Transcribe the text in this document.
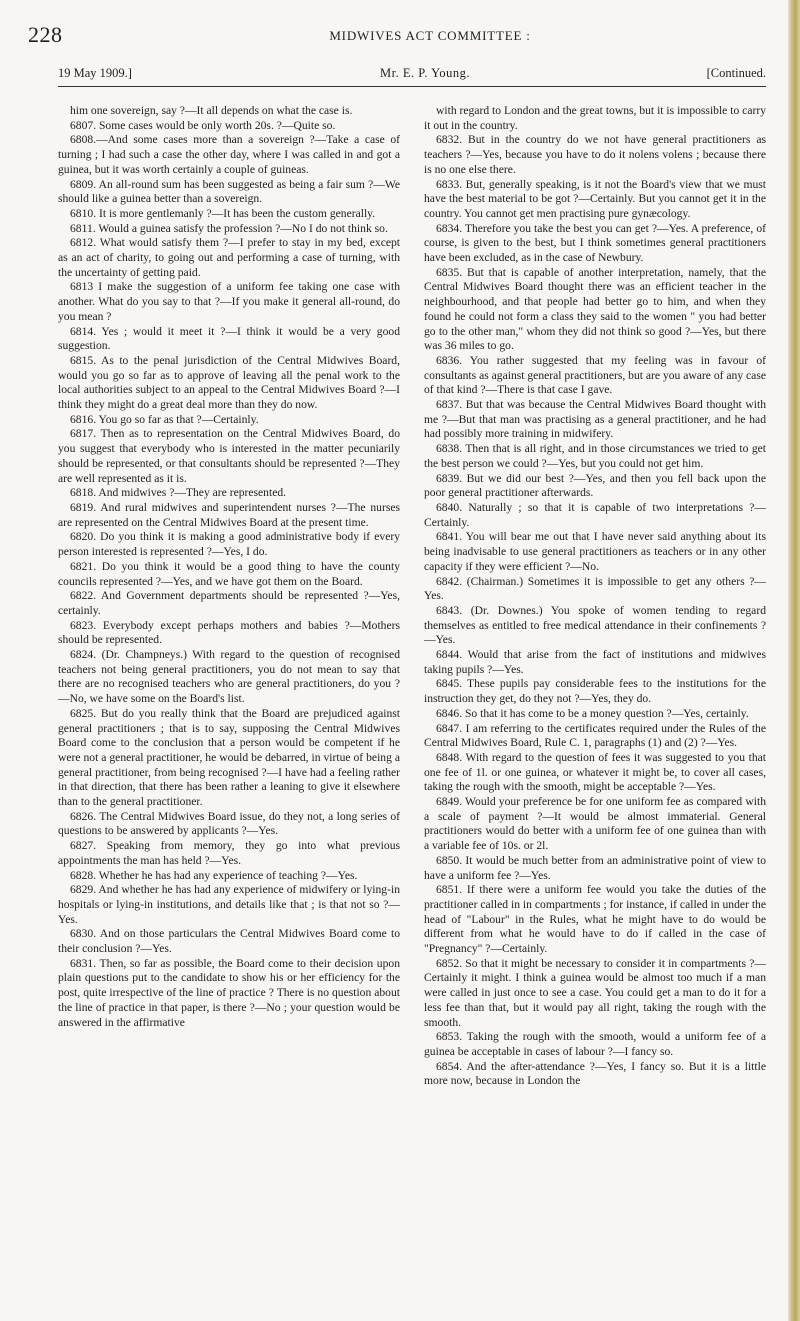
228	MIDWIVES ACT COMMITTEE :
19 May 1909.]	Mr. E. P. Young.	[Continued.

him one sovereign, say ?—It all depends on what the case is.

6807. Some cases would be only worth 20s. ?—Quite so.

6808.—And some cases more than a sovereign ?—Take a case of turning ; I had such a case the other day, where I was called in and got a guinea, but it was worth certainly a couple of guineas.

6809. An all-round sum has been suggested as being a fair sum ?—We should like a guinea better than a sovereign.

6810. It is more gentlemanly ?—It has been the custom generally.

6811. Would a guinea satisfy the profession ?—No I do not think so.

6812. What would satisfy them ?—I prefer to stay in my bed, except as an act of charity, to going out and performing a case of turning, with the uncertainty of getting paid.

6813 I make the suggestion of a uniform fee taking one case with another. What do you say to that ?—If you make it general all-round, do you mean ?

6814. Yes ; would it meet it ?—I think it would be a very good suggestion.

6815. As to the penal jurisdiction of the Central Midwives Board, would you go so far as to approve of leaving all the penal work to the local authorities subject to an appeal to the Central Midwives Board ?—I think they might do a great deal more than they do now.

6816. You go so far as that ?—Certainly.

6817. Then as to representation on the Central Midwives Board, do you suggest that everybody who is interested in the matter pecuniarily should be represented, or that consultants should be represented ?—They are well represented as it is.

6818. And midwives ?—They are represented.

6819. And rural midwives and superintendent nurses ?—The nurses are represented on the Central Midwives Board at the present time.

6820. Do you think it is making a good administrative body if every person interested is represented ?—Yes, I do.

6821. Do you think it would be a good thing to have the county councils represented ?—Yes, and we have got them on the Board.

6822. And Government departments should be represented ?—Yes, certainly.

6823. Everybody except perhaps mothers and babies ?—Mothers should be represented.

6824. (Dr. Champneys.) With regard to the question of recognised teachers not being general practitioners, you do not mean to say that there are no recognised teachers who are general practitioners, do you ?—No, we have some on the Board's list.

6825. But do you really think that the Board are prejudiced against general practitioners ; that is to say, supposing the Central Midwives Board come to the conclusion that a person would be competent if he were not a general practitioner, he would be debarred, in virtue of being a general practitioner, from being recognised ?—I have had a feeling rather in that direction, that there has been rather a leaning to give it elsewhere than to the general practitioner.

6826. The Central Midwives Board issue, do they not, a long series of questions to be answered by applicants ?—Yes.

6827. Speaking from memory, they go into what previous appointments the man has held ?—Yes.

6828. Whether he has had any experience of teaching ?—Yes.

6829. And whether he has had any experience of midwifery or lying-in hospitals or lying-in institutions, and details like that ; is that not so ?—Yes.

6830. And on those particulars the Central Midwives Board come to their conclusion ?—Yes.

6831. Then, so far as possible, the Board come to their decision upon plain questions put to the candidate to show his or her efficiency for the post, quite irrespective of the line of practice ? There is no question about the line of practice in that paper, is there ?—No ; your question would be answered in the affirmative

with regard to London and the great towns, but it is impossible to carry it out in the country.

6832. But in the country do we not have general practitioners as teachers ?—Yes, because you have to do it nolens volens ; because there is no one else there.

6833. But, generally speaking, is it not the Board's view that we must have the best material to be got ?—Certainly. But you cannot get it in the country. You cannot get men practising pure gynæcology.

6834. Therefore you take the best you can get ?—Yes. A preference, of course, is given to the best, but I think sometimes general practitioners have been excluded, as in the case of Newbury.

6835. But that is capable of another interpretation, namely, that the Central Midwives Board thought there was an efficient teacher in the neighbourhood, and that people had better go to him, and when they found he could not form a class they said to the women " you had better go to the other man," whom they did not think so good ?—Yes, but there was 36 miles to go.

6836. You rather suggested that my feeling was in favour of consultants as against general practitioners, but are you aware of any case of that kind ?—There is that case I gave.

6837. But that was because the Central Midwives Board thought with me ?—But that man was practising as a general practitioner, and he had had possibly more training in midwifery.

6838. Then that is all right, and in those circumstances we tried to get the best person we could ?—Yes, but you could not get him.

6839. But we did our best ?—Yes, and then you fell back upon the poor general practitioner afterwards.

6840. Naturally ; so that it is capable of two interpretations ?—Certainly.

6841. You will bear me out that I have never said anything about its being inadvisable to use general practitioners as teachers or in any other capacity if they were efficient ?—No.

6842. (Chairman.) Sometimes it is impossible to get any others ?—Yes.

6843. (Dr. Downes.) You spoke of women tending to regard themselves as entitled to free medical attendance in their confinements ?—Yes.

6844. Would that arise from the fact of institutions and midwives taking pupils ?—Yes.

6845. These pupils pay considerable fees to the institutions for the instruction they get, do they not ?—Yes, they do.

6846. So that it has come to be a money question ?—Yes, certainly.

6847. I am referring to the certificates required under the Rules of the Central Midwives Board, Rule C. 1, paragraphs (1) and (2) ?—Yes.

6848. With regard to the question of fees it was suggested to you that one fee of 1l. or one guinea, or whatever it might be, to cover all cases, taking the rough with the smooth, might be acceptable ?—Yes.

6849. Would your preference be for one uniform fee as compared with a scale of payment ?—It would be almost immaterial. General practitioners would do better with a uniform fee of one guinea than with a variable fee of 10s. or 2l.

6850. It would be much better from an administrative point of view to have a uniform fee ?—Yes.

6851. If there were a uniform fee would you take the duties of the practitioner called in in compartments ; for instance, if called in under the head of "Labour" in the Rules, what he might have to do would be different from what he would have to do if called in the case of "Pregnancy" ?—Certainly.

6852. So that it might be necessary to consider it in compartments ?—Certainly it might. I think a guinea would be almost too much if a man were called in just once to see a case. You could get a man to do it for a less fee than that, but it would pay all right, taking the rough with the smooth.

6853. Taking the rough with the smooth, would a uniform fee of a guinea be acceptable in cases of labour ?—I fancy so.

6854. And the after-attendance ?—Yes, I fancy so. But it is a little more now, because in London the
